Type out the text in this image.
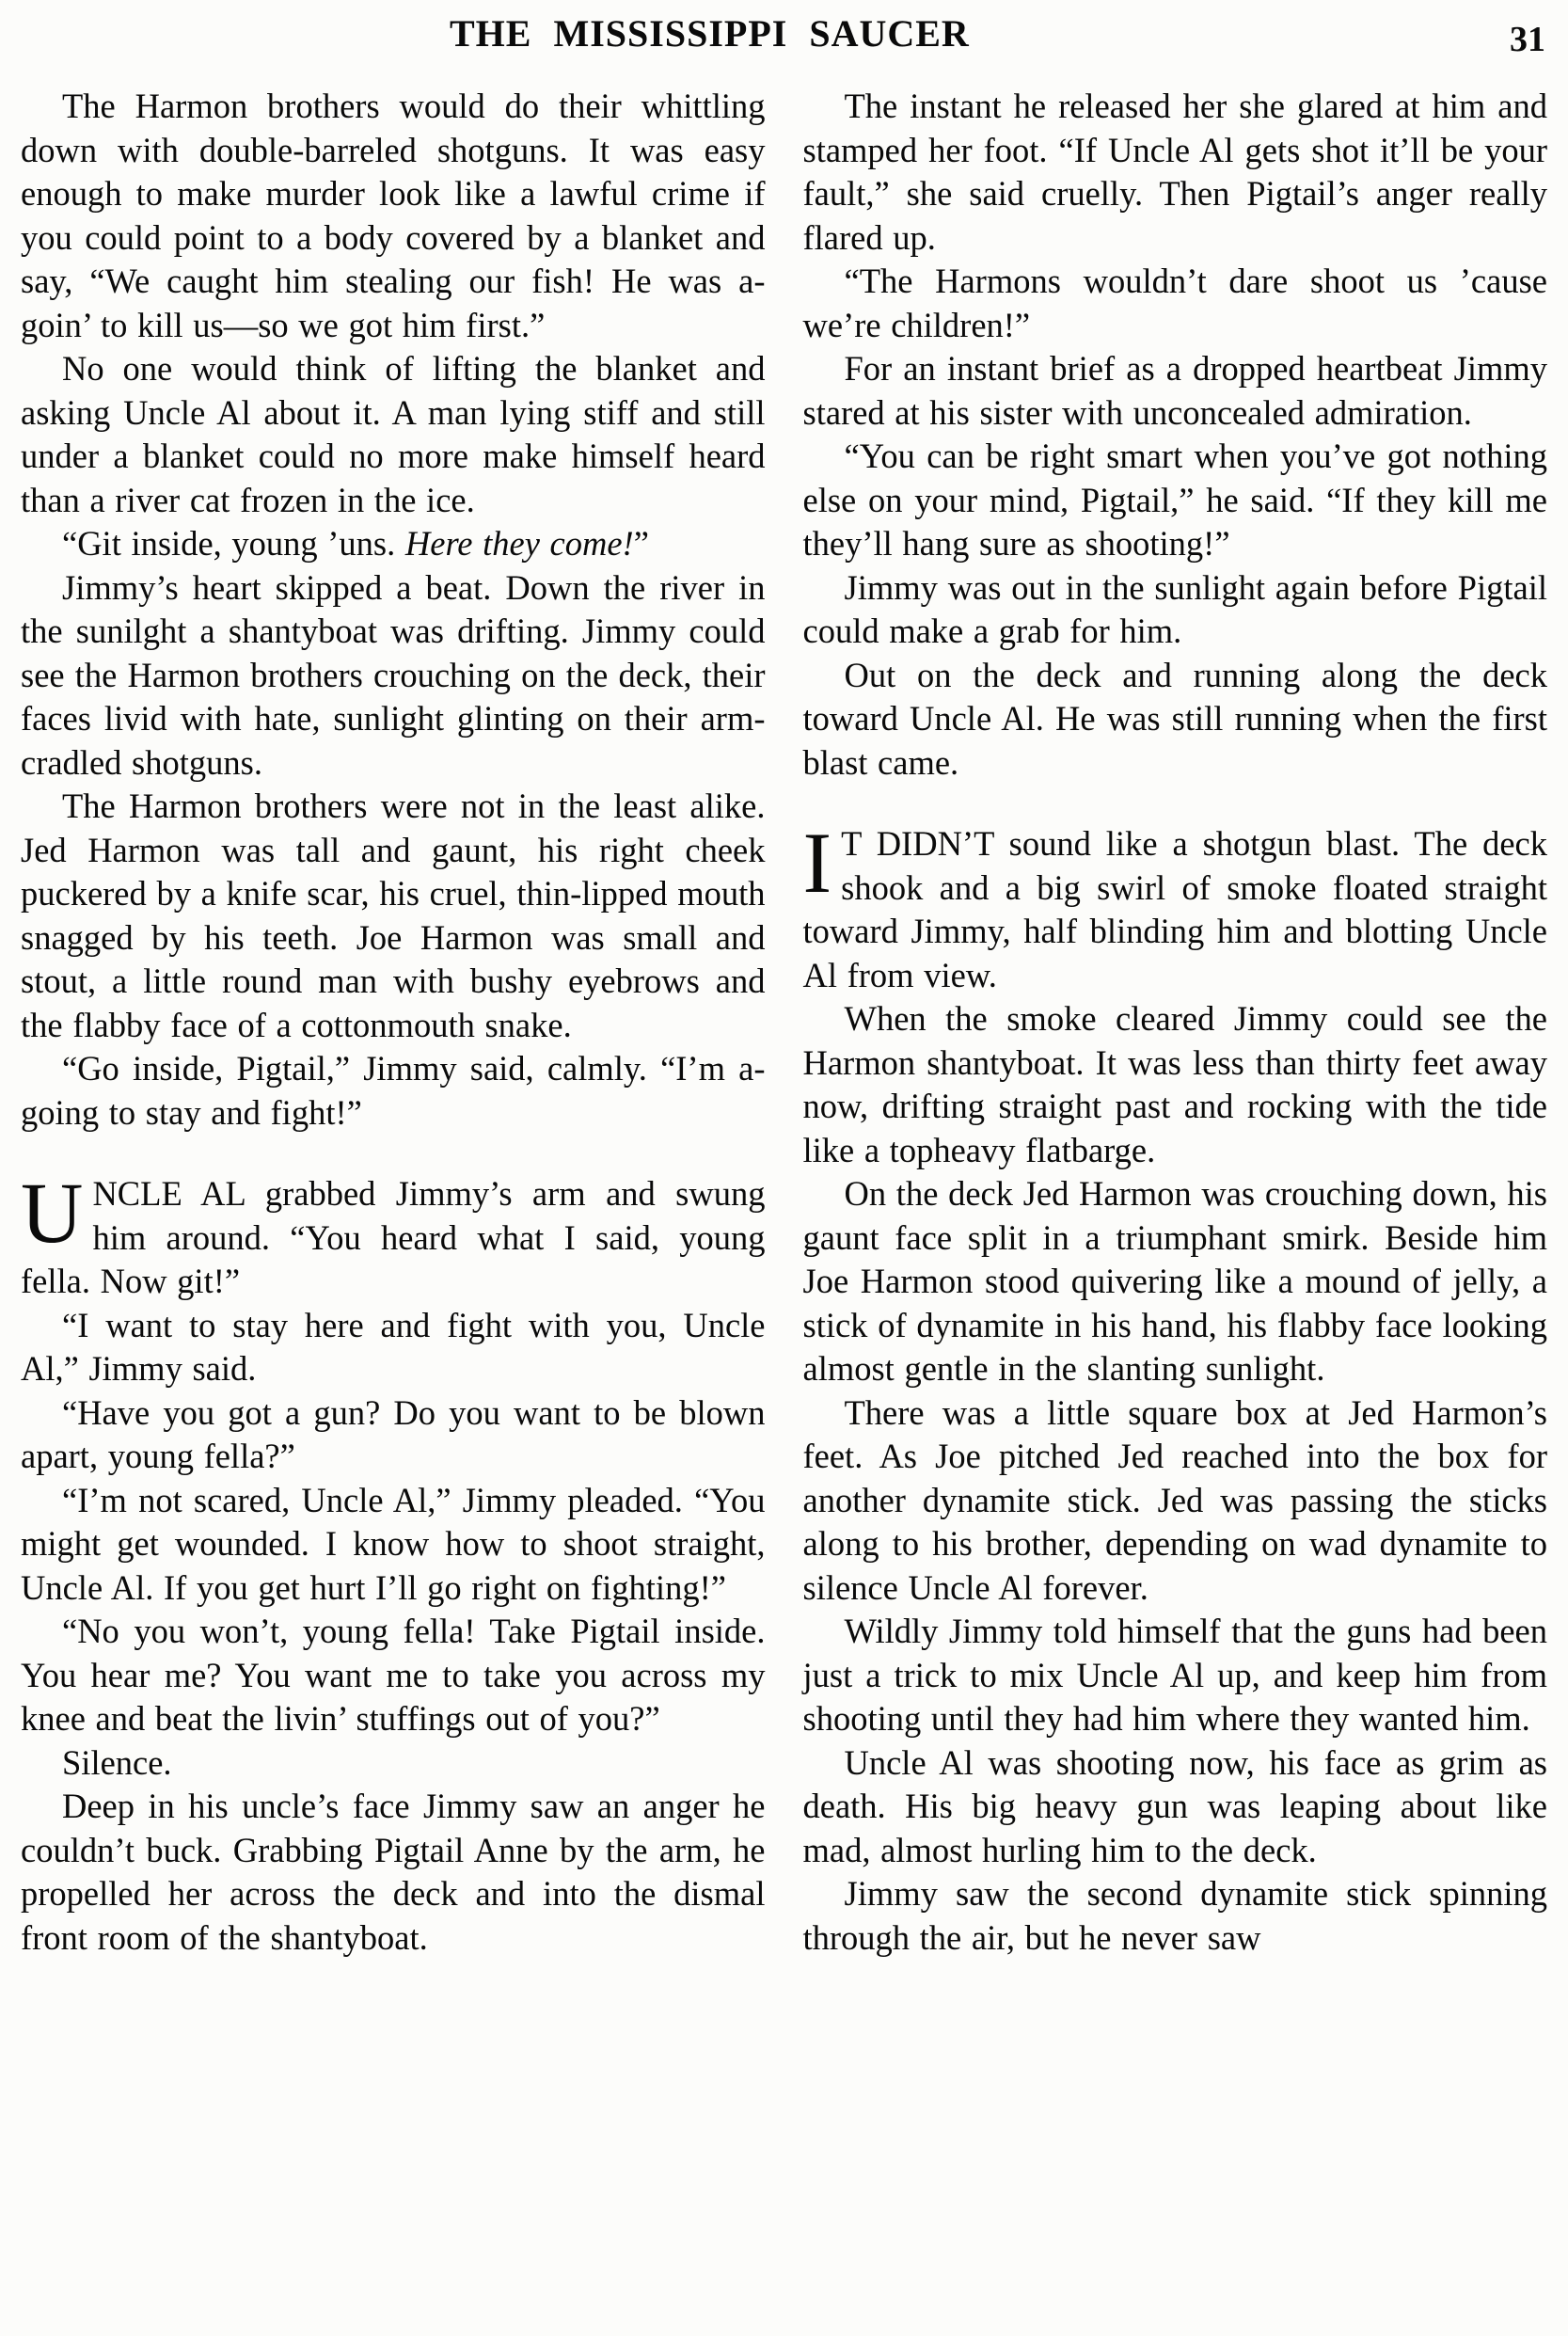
THE MISSISSIPPI SAUCER	31

The Harmon brothers would do their whittling down with double-barreled shotguns. It was easy enough to make murder look like a lawful crime if you could point to a body covered by a blanket and say, “We caught him stealing our fish! He was a-goin’ to kill us—so we got him first.”

No one would think of lifting the blanket and asking Uncle Al about it. A man lying stiff and still under a blanket could no more make himself heard than a river cat frozen in the ice.

“Git inside, young ’uns. Here they come!”

Jimmy’s heart skipped a beat. Down the river in the sunilght a shantyboat was drifting. Jimmy could see the Harmon brothers crouching on the deck, their faces livid with hate, sunlight glinting on their arm-cradled shotguns.

The Harmon brothers were not in the least alike. Jed Harmon was tall and gaunt, his right cheek puckered by a knife scar, his cruel, thin-lipped mouth snagged by his teeth. Joe Harmon was small and stout, a little round man with bushy eyebrows and the flabby face of a cottonmouth snake.

“Go inside, Pigtail,” Jimmy said, calmly. “I’m a-going to stay and fight!”

UNCLE AL grabbed Jimmy’s arm and swung him around. “You heard what I said, young fella. Now git!”

“I want to stay here and fight with you, Uncle Al,” Jimmy said.

“Have you got a gun? Do you want to be blown apart, young fella?”

“I’m not scared, Uncle Al,” Jimmy pleaded. “You might get wounded. I know how to shoot straight, Uncle Al. If you get hurt I’ll go right on fighting!”

“No you won’t, young fella! Take Pigtail inside. You hear me? You want me to take you across my knee and beat the livin’ stuffings out of you?”

Silence.

Deep in his uncle’s face Jimmy saw an anger he couldn’t buck. Grabbing Pigtail Anne by the arm, he propelled her across the deck and into the dismal front room of the shantyboat.

The instant he released her she glared at him and stamped her foot. “If Uncle Al gets shot it’ll be your fault,” she said cruelly. Then Pigtail’s anger really flared up.

“The Harmons wouldn’t dare shoot us ’cause we’re children!”

For an instant brief as a dropped heartbeat Jimmy stared at his sister with unconcealed admiration.

“You can be right smart when you’ve got nothing else on your mind, Pigtail,” he said. “If they kill me they’ll hang sure as shooting!”

Jimmy was out in the sunlight again before Pigtail could make a grab for him.

Out on the deck and running along the deck toward Uncle Al. He was still running when the first blast came.

I T DIDN’T sound like a shotgun blast. The deck shook and a big swirl of smoke floated straight toward Jimmy, half blinding him and blotting Uncle Al from view.

When the smoke cleared Jimmy could see the Harmon shantyboat. It was less than thirty feet away now, drifting straight past and rocking with the tide like a topheavy flatbarge.

On the deck Jed Harmon was crouching down, his gaunt face split in a triumphant smirk. Beside him Joe Harmon stood quivering like a mound of jelly, a stick of dynamite in his hand, his flabby face looking almost gentle in the slanting sunlight.

There was a little square box at Jed Harmon’s feet. As Joe pitched Jed reached into the box for another dynamite stick. Jed was passing the sticks along to his brother, depending on wad dynamite to silence Uncle Al forever.

Wildly Jimmy told himself that the guns had been just a trick to mix Uncle Al up, and keep him from shooting until they had him where they wanted him.

Uncle Al was shooting now, his face as grim as death. His big heavy gun was leaping about like mad, almost hurling him to the deck.

Jimmy saw the second dynamite stick spinning through the air, but he never saw
